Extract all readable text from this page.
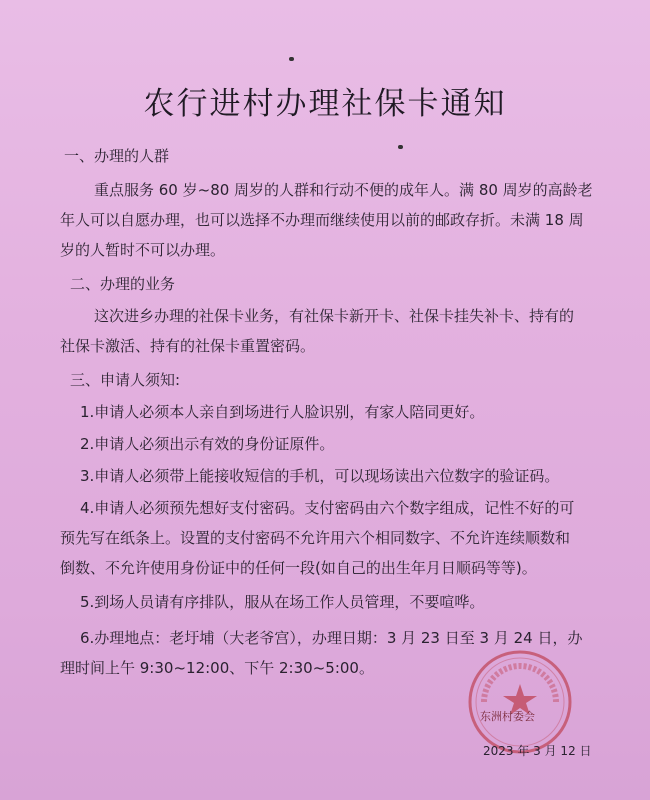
农行进村办理社保卡通知
一、办理的人群
重点服务 60 岁~80 周岁的人群和行动不便的成年人。满 80 周岁的高龄老
年人可以自愿办理，也可以选择不办理而继续使用以前的邮政存折。未满 18 周
岁的人暂时不可以办理。
二、办理的业务
这次进乡办理的社保卡业务，有社保卡新开卡、社保卡挂失补卡、持有的
社保卡激活、持有的社保卡重置密码。
三、申请人须知:
1.申请人必须本人亲自到场进行人脸识别，有家人陪同更好。
2.申请人必须出示有效的身份证原件。
3.申请人必须带上能接收短信的手机，可以现场读出六位数字的验证码。
4.申请人必须预先想好支付密码。支付密码由六个数字组成，记性不好的可
预先写在纸条上。设置的支付密码不允许用六个相同数字、不允许连续顺数和
倒数、不允许使用身份证中的任何一段(如自己的出生年月日顺码等等)。
5.到场人员请有序排队，服从在场工作人员管理，不要喧哗。
6.办理地点：老圩埔（大老爷宫），办理日期：3 月 23 日至 3 月 24 日，办
理时间上午 9:30~12:00、下午 2:30~5:00。
东洲村委会
2023 年 3 月 12 日
